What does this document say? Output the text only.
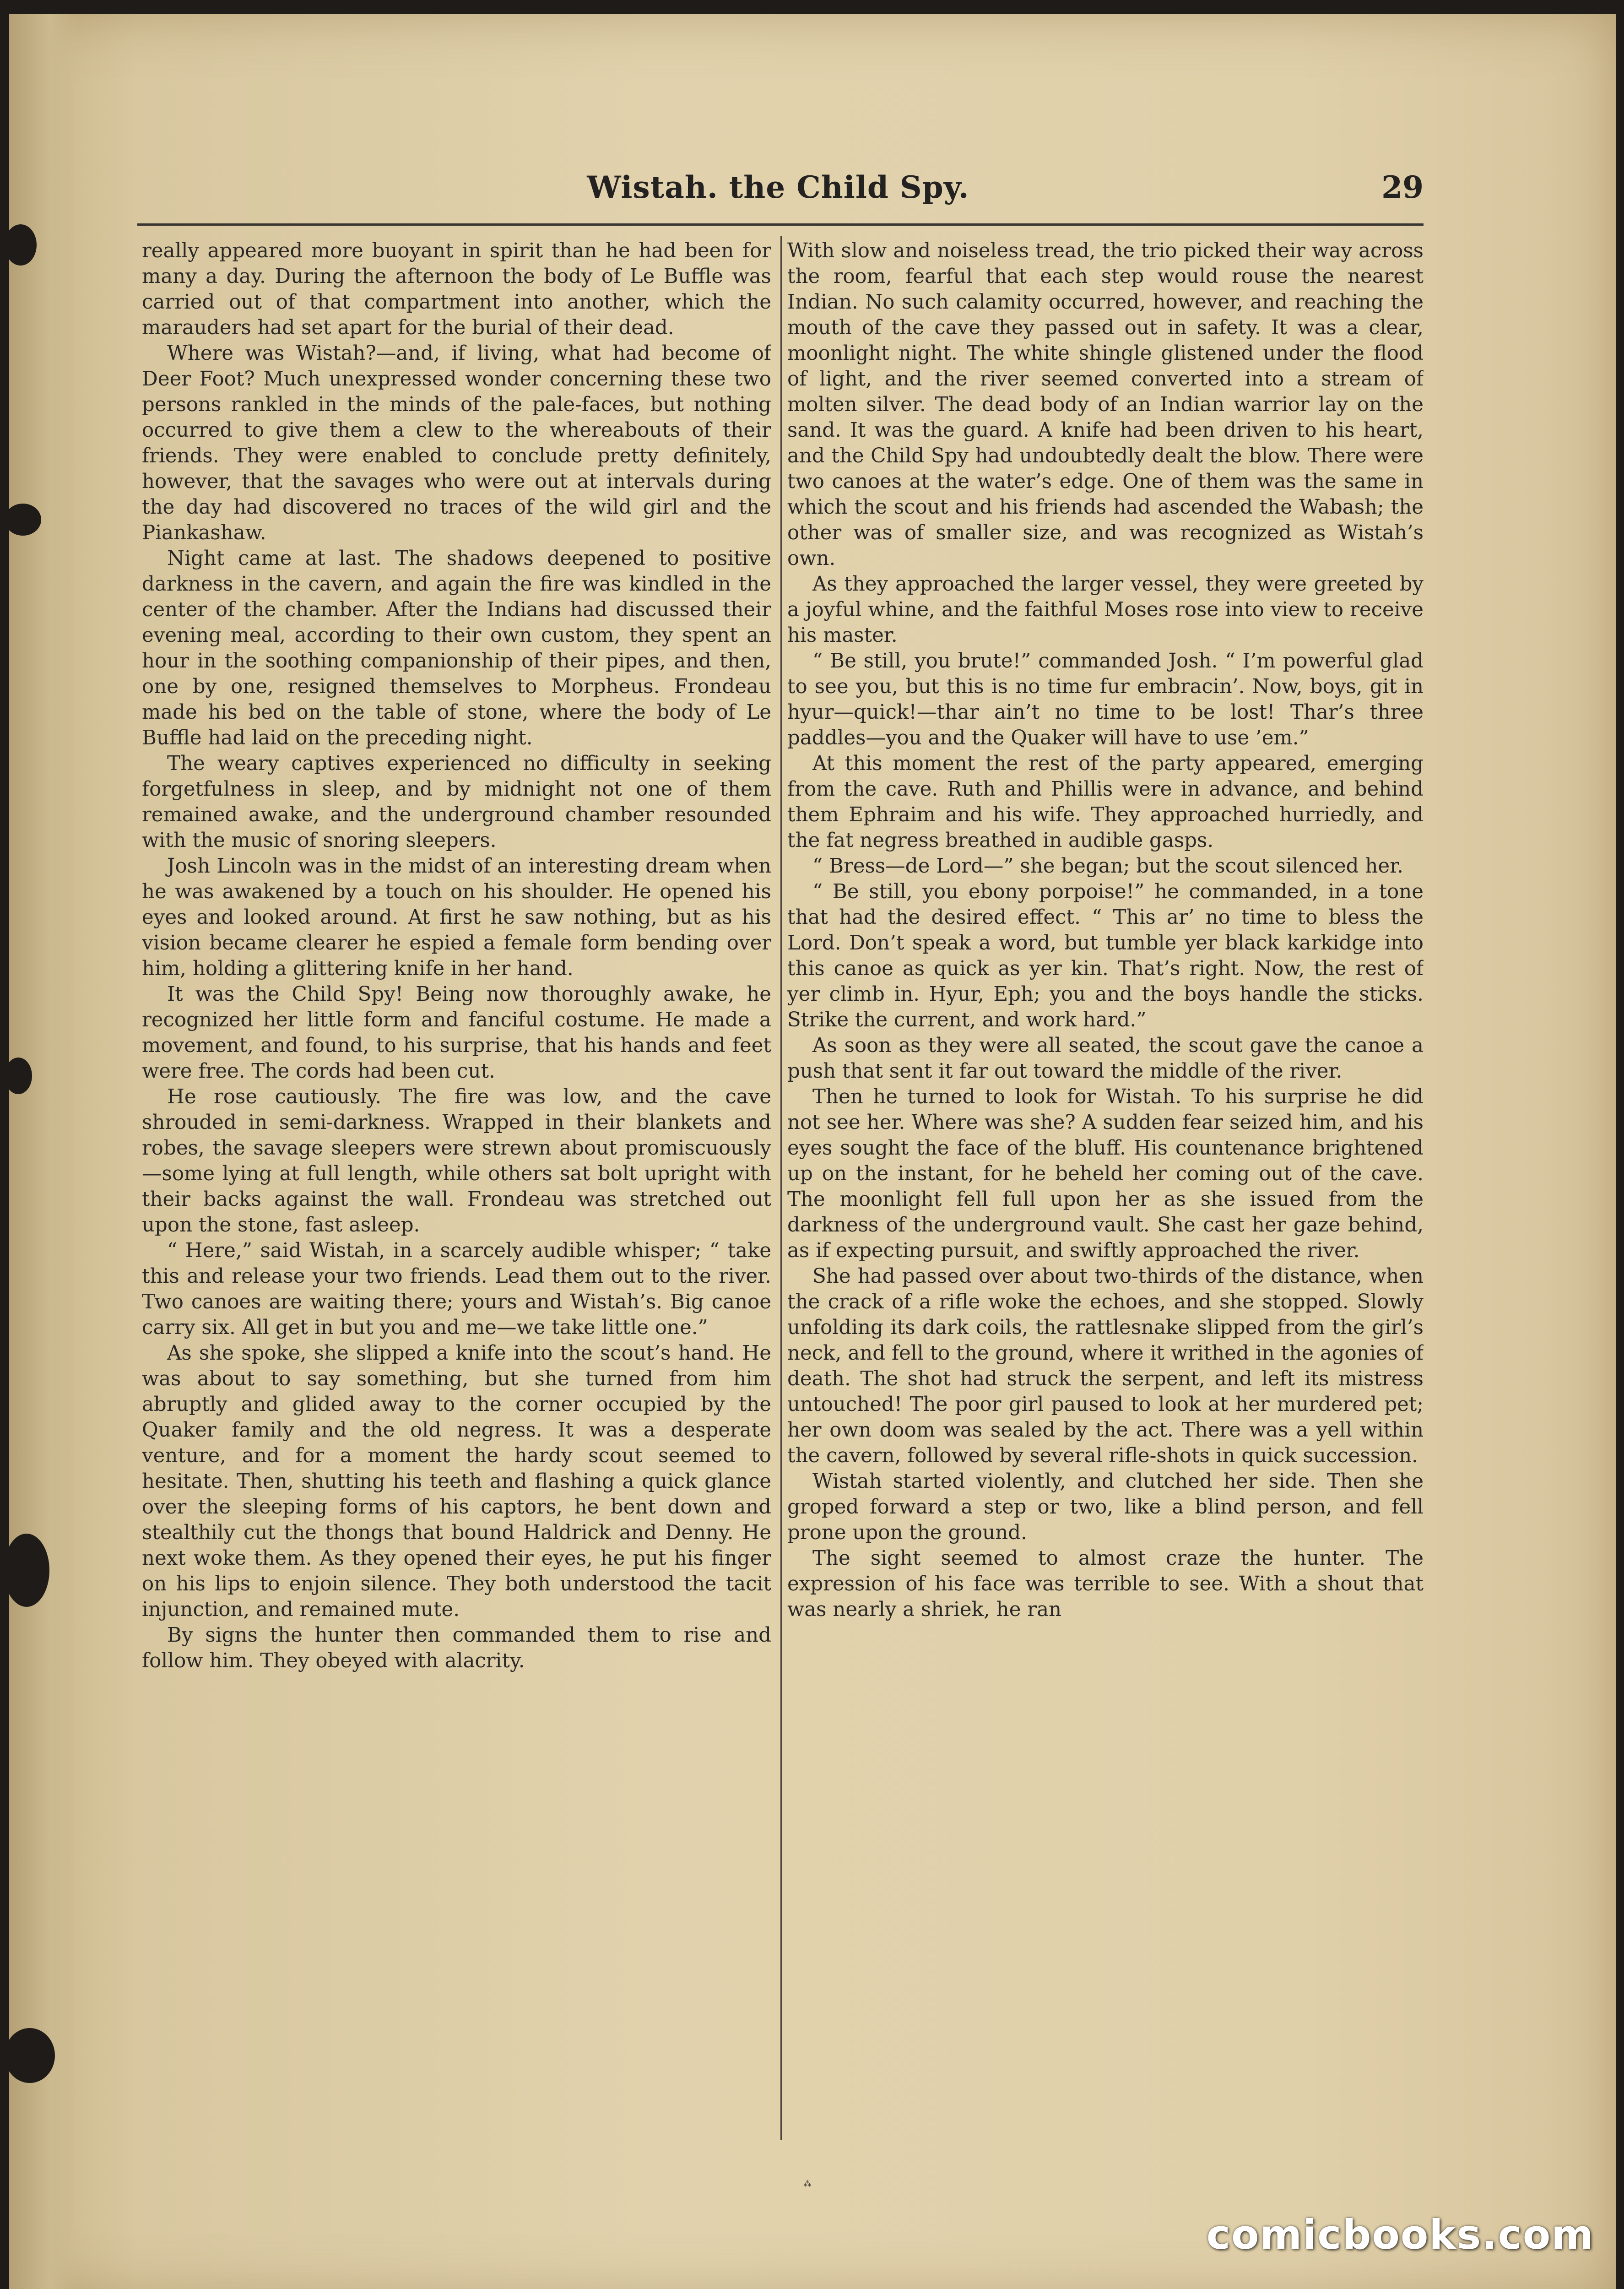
Wistah. the Child Spy.	29

really appeared more buoyant in spirit than he had been for many a day. During the afternoon the body of Le Buffle was carried out of that compartment into another, which the marauders had set apart for the burial of their dead.

Where was Wistah?—and, if living, what had become of Deer Foot? Much unexpressed wonder concerning these two persons rankled in the minds of the pale-faces, but nothing occurred to give them a clew to the whereabouts of their friends. They were enabled to conclude pretty definitely, however, that the savages who were out at intervals during the day had discovered no traces of the wild girl and the Piankashaw.

Night came at last. The shadows deepened to positive darkness in the cavern, and again the fire was kindled in the center of the chamber. After the Indians had discussed their evening meal, according to their own custom, they spent an hour in the soothing companionship of their pipes, and then, one by one, resigned themselves to Morpheus. Frondeau made his bed on the table of stone, where the body of Le Buffle had laid on the preceding night.

The weary captives experienced no difficulty in seeking forgetfulness in sleep, and by midnight not one of them remained awake, and the underground chamber resounded with the music of snoring sleepers.

Josh Lincoln was in the midst of an interesting dream when he was awakened by a touch on his shoulder. He opened his eyes and looked around. At first he saw nothing, but as his vision became clearer he espied a female form bending over him, holding a glittering knife in her hand.

It was the Child Spy! Being now thoroughly awake, he recognized her little form and fanciful costume. He made a movement, and found, to his surprise, that his hands and feet were free. The cords had been cut.

He rose cautiously. The fire was low, and the cave shrouded in semi-darkness. Wrapped in their blankets and robes, the savage sleepers were strewn about promiscuously—some lying at full length, while others sat bolt upright with their backs against the wall. Frondeau was stretched out upon the stone, fast asleep.

“ Here,” said Wistah, in a scarcely audible whisper; “ take this and release your two friends. Lead them out to the river. Two canoes are waiting there; yours and Wistah’s. Big canoe carry six. All get in but you and me—we take little one.”

As she spoke, she slipped a knife into the scout’s hand. He was about to say something, but she turned from him abruptly and glided away to the corner occupied by the Quaker family and the old negress. It was a desperate venture, and for a moment the hardy scout seemed to hesitate. Then, shutting his teeth and flashing a quick glance over the sleeping forms of his captors, he bent down and stealthily cut the thongs that bound Haldrick and Denny. He next woke them. As they opened their eyes, he put his finger on his lips to enjoin silence. They both understood the tacit injunction, and remained mute.

By signs the hunter then commanded them to rise and follow him. They obeyed with alacrity.

With slow and noiseless tread, the trio picked their way across the room, fearful that each step would rouse the nearest Indian. No such calamity occurred, however, and reaching the mouth of the cave they passed out in safety. It was a clear, moonlight night. The white shingle glistened under the flood of light, and the river seemed converted into a stream of molten silver. The dead body of an Indian warrior lay on the sand. It was the guard. A knife had been driven to his heart, and the Child Spy had undoubtedly dealt the blow. There were two canoes at the water’s edge. One of them was the same in which the scout and his friends had ascended the Wabash; the other was of smaller size, and was recognized as Wistah’s own.

As they approached the larger vessel, they were greeted by a joyful whine, and the faithful Moses rose into view to receive his master.

“ Be still, you brute!” commanded Josh. “ I’m powerful glad to see you, but this is no time fur embracin’. Now, boys, git in hyur—quick!—thar ain’t no time to be lost! Thar’s three paddles—you and the Quaker will have to use ’em.”

At this moment the rest of the party appeared, emerging from the cave. Ruth and Phillis were in advance, and behind them Ephraim and his wife. They approached hurriedly, and the fat negress breathed in audible gasps.

“ Bress—de Lord—” she began; but the scout silenced her.

“ Be still, you ebony porpoise!” he commanded, in a tone that had the desired effect. “ This ar’ no time to bless the Lord. Don’t speak a word, but tumble yer black karkidge into this canoe as quick as yer kin. That’s right. Now, the rest of yer climb in. Hyur, Eph; you and the boys handle the sticks. Strike the current, and work hard.”

As soon as they were all seated, the scout gave the canoe a push that sent it far out toward the middle of the river.

Then he turned to look for Wistah. To his surprise he did not see her. Where was she? A sudden fear seized him, and his eyes sought the face of the bluff. His countenance brightened up on the instant, for he beheld her coming out of the cave. The moonlight fell full upon her as she issued from the darkness of the underground vault. She cast her gaze behind, as if expecting pursuit, and swiftly approached the river.

She had passed over about two-thirds of the distance, when the crack of a rifle woke the echoes, and she stopped. Slowly unfolding its dark coils, the rattlesnake slipped from the girl’s neck, and fell to the ground, where it writhed in the agonies of death. The shot had struck the serpent, and left its mistress untouched! The poor girl paused to look at her murdered pet; her own doom was sealed by the act. There was a yell within the cavern, followed by several rifle-shots in quick succession.

Wistah started violently, and clutched her side. Then she groped forward a step or two, like a blind person, and fell prone upon the ground.

The sight seemed to almost craze the hunter. The expression of his face was terrible to see. With a shout that was nearly a shriek, he ran

⁂
comicbooks.com
